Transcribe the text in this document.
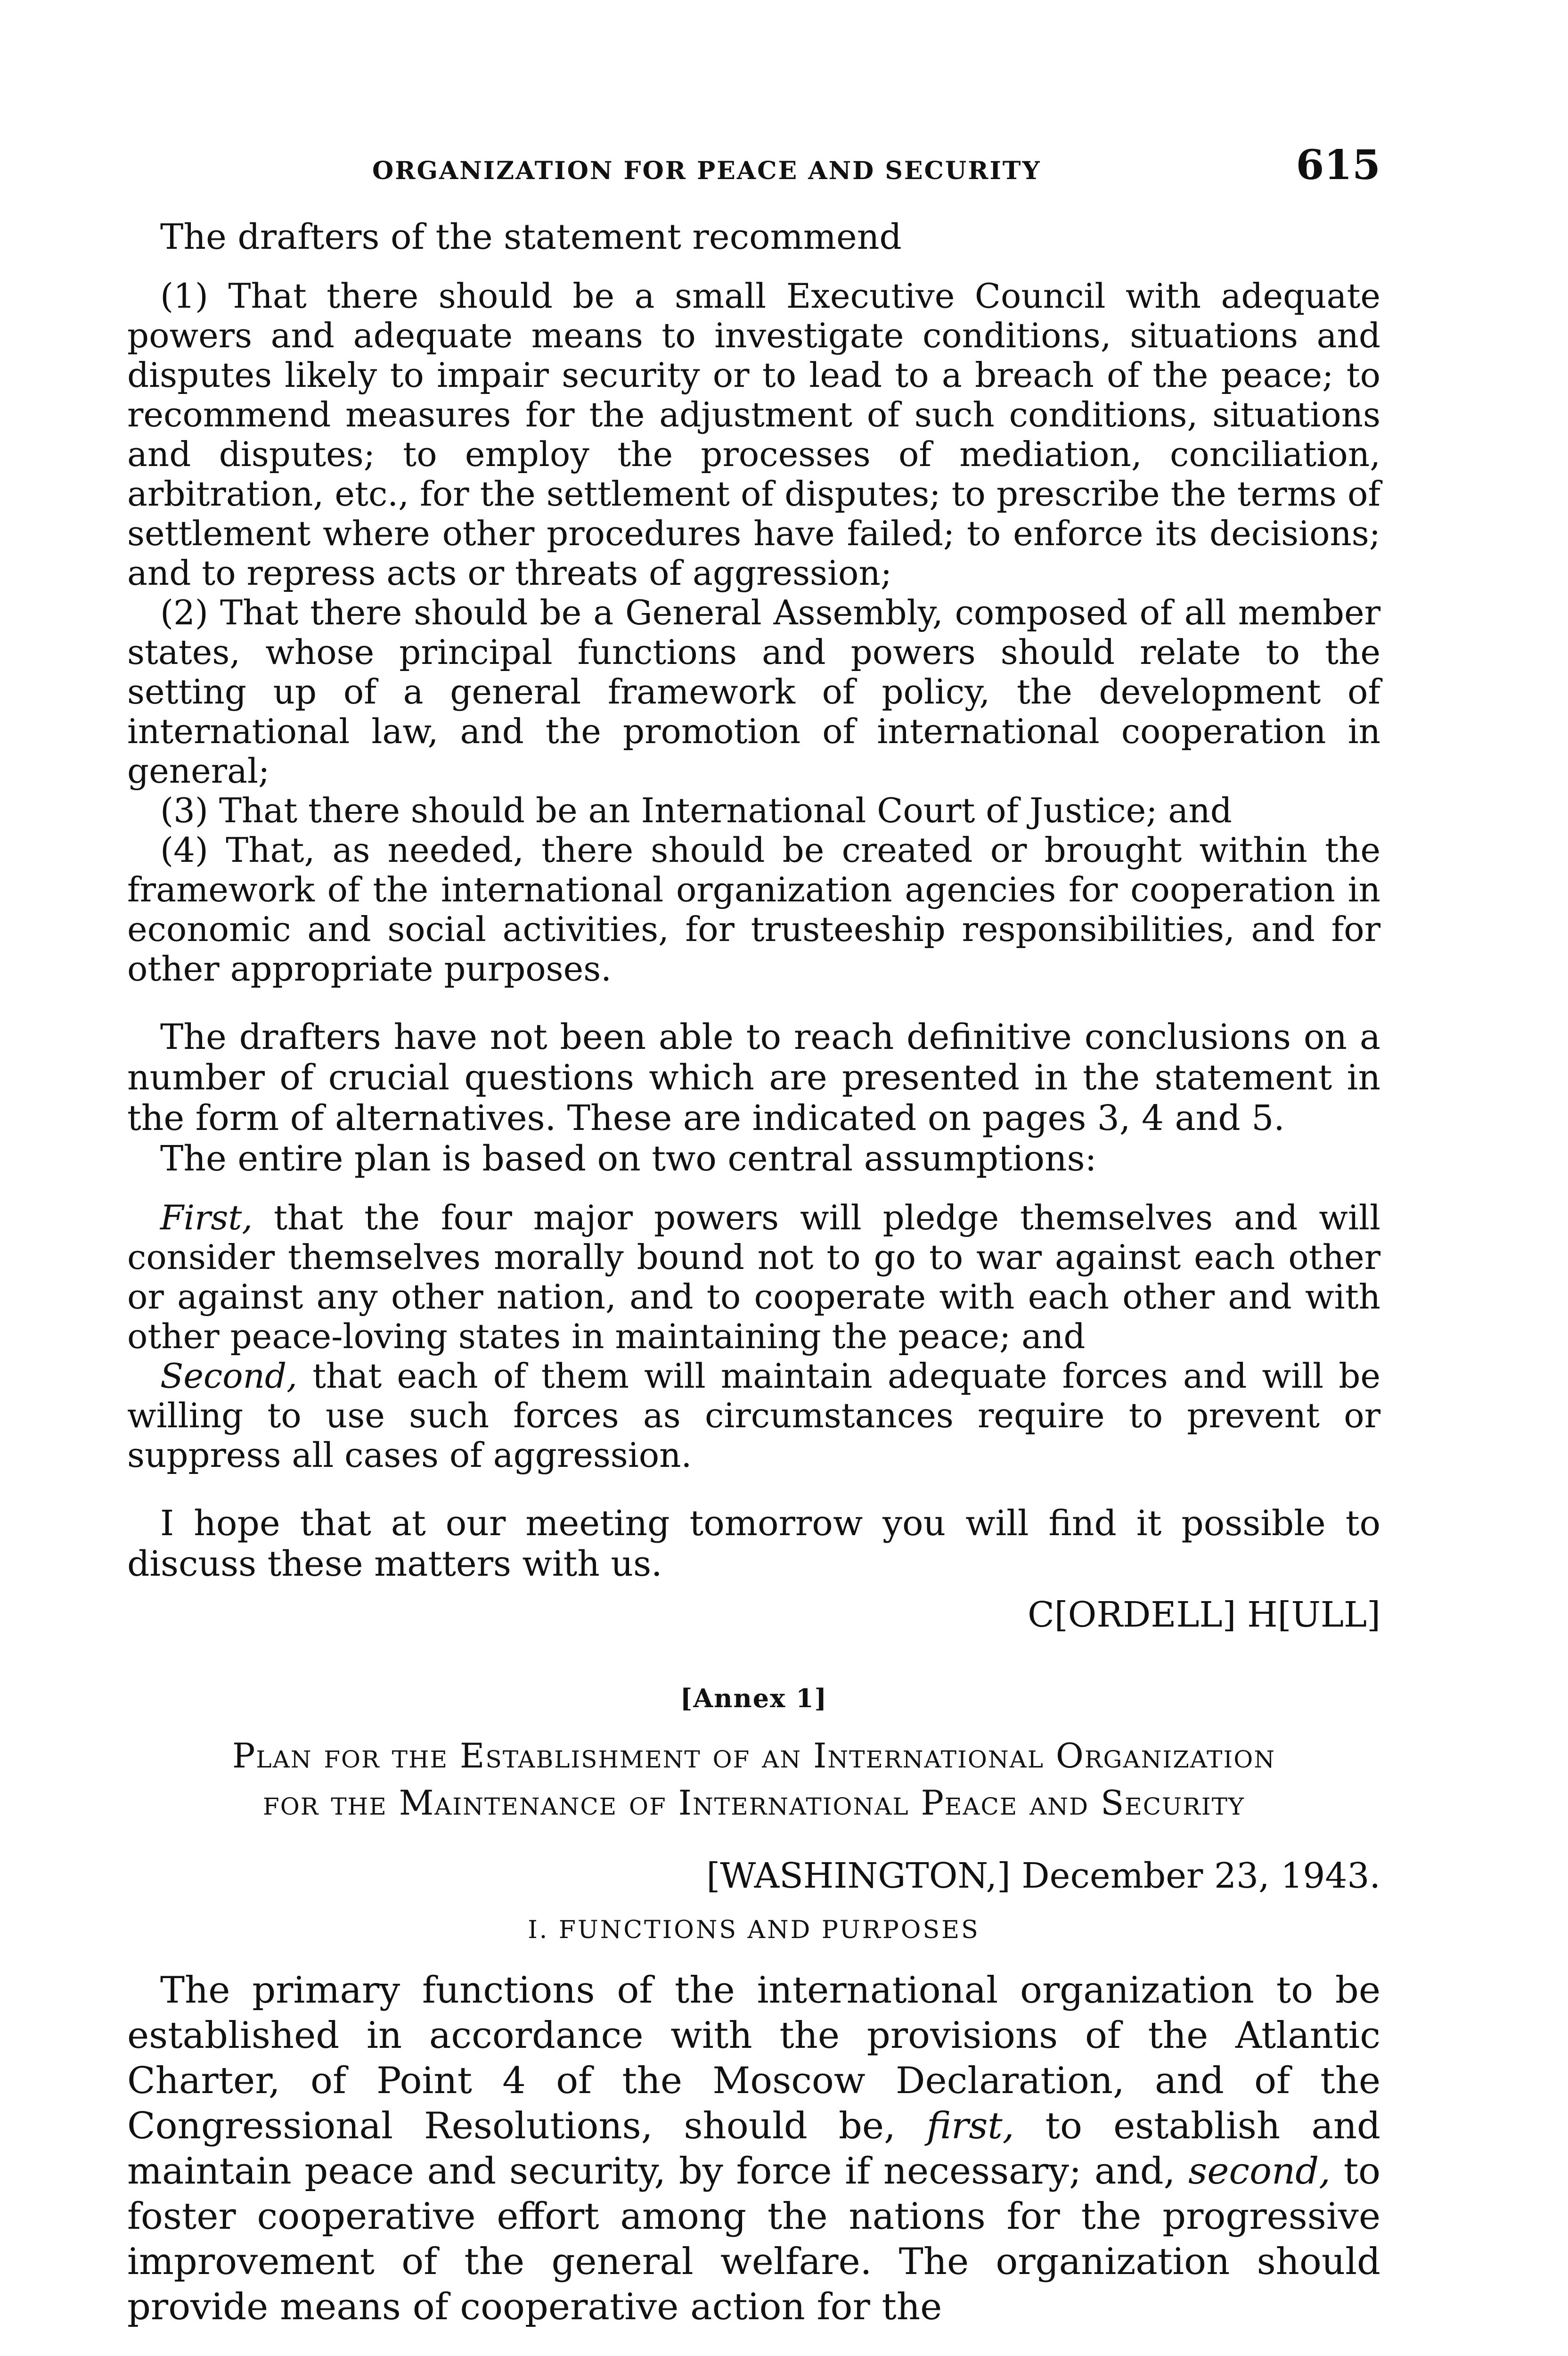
ORGANIZATION FOR PEACE AND SECURITY	615

The drafters of the statement recommend

(1) That there should be a small Executive Council with adequate powers and adequate means to investigate conditions, situations and disputes likely to impair security or to lead to a breach of the peace; to recommend measures for the adjustment of such conditions, situations and disputes; to employ the processes of mediation, conciliation, arbitration, etc., for the settlement of disputes; to prescribe the terms of settlement where other procedures have failed; to enforce its decisions; and to repress acts or threats of aggression;

(2) That there should be a General Assembly, composed of all member states, whose principal functions and powers should relate to the setting up of a general framework of policy, the development of international law, and the promotion of international cooperation in general;

(3) That there should be an International Court of Justice; and

(4) That, as needed, there should be created or brought within the framework of the international organization agencies for cooperation in economic and social activities, for trusteeship responsibilities, and for other appropriate purposes.

The drafters have not been able to reach definitive conclusions on a number of crucial questions which are presented in the statement in the form of alternatives. These are indicated on pages 3, 4 and 5.

The entire plan is based on two central assumptions:

First, that the four major powers will pledge themselves and will consider themselves morally bound not to go to war against each other or against any other nation, and to cooperate with each other and with other peace-loving states in maintaining the peace; and

Second, that each of them will maintain adequate forces and will be willing to use such forces as circumstances require to prevent or suppress all cases of aggression.

I hope that at our meeting tomorrow you will find it possible to discuss these matters with us.

C[ORDELL] H[ULL]
[Annex 1]
Plan for the Establishment of an International Organization
for the Maintenance of International Peace and Security
[WASHINGTON,] December 23, 1943.
I. FUNCTIONS AND PURPOSES

The primary functions of the international organization to be established in accordance with the provisions of the Atlantic Charter, of Point 4 of the Moscow Declaration, and of the Congressional Resolutions, should be, first, to establish and maintain peace and security, by force if necessary; and, second, to foster cooperative effort among the nations for the progressive improvement of the general welfare. The organization should provide means of cooperative action for the
